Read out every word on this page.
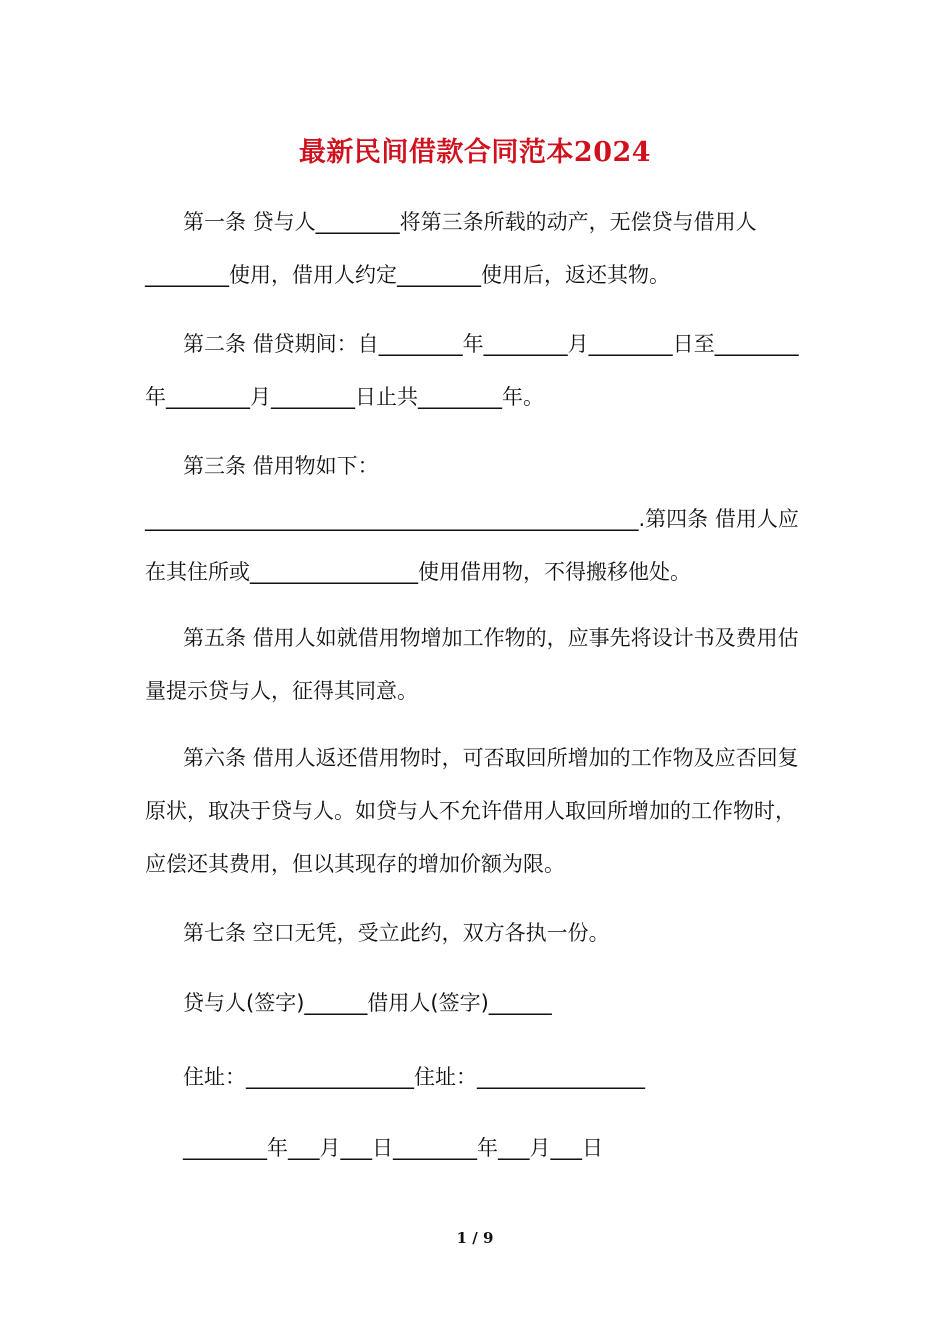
最新民间借款合同范本2024

第一条 贷与人________将第三条所载的动产，无偿贷与借用人________使用，借用人约定________使用后，返还其物。

第二条 借贷期间：自________年________月________日至________年________月________日止共________年。

第三条 借用物如下：_______________________________________________.第四条 借用人应在其住所或________________使用借用物，不得搬移他处。

第五条 借用人如就借用物增加工作物的，应事先将设计书及费用估量提示贷与人，征得其同意。

第六条 借用人返还借用物时，可否取回所增加的工作物及应否回复原状，取决于贷与人。如贷与人不允许借用人取回所增加的工作物时，应偿还其费用，但以其现存的增加价额为限。

第七条 空口无凭，受立此约，双方各执一份。
贷与人(签字)______借用人(签字)______
住址：________________住址：________________
________年___月___日________年___月___日
1 / 9
